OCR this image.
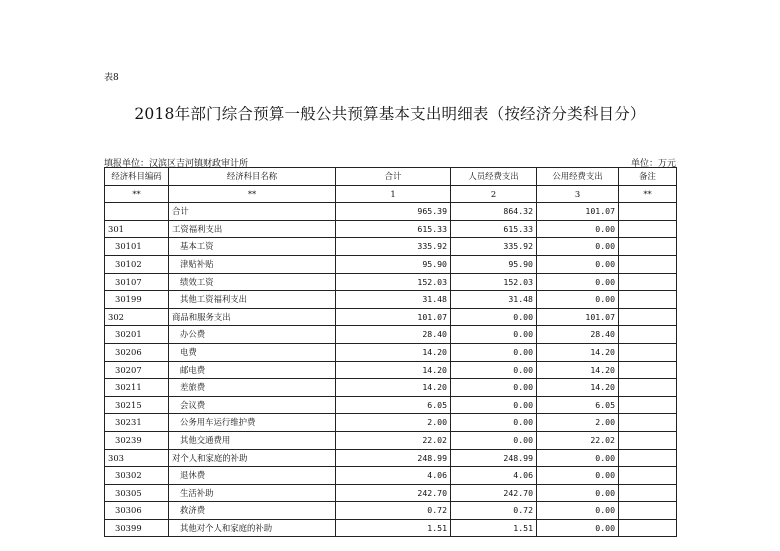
表8
2018年部门综合预算一般公共预算基本支出明细表（按经济分类科目分）
填报单位：汉滨区吉河镇财政审计所	单位：万元
经济科目编码	经济科目名称	合计	人员经费支出	公用经费支出	备注
**	**	1	2	3	**
	合计	965.39	864.32	101.07	
301	工资福利支出	615.33	615.33	0.00	
30101	基本工资	335.92	335.92	0.00	
30102	津贴补贴	95.90	95.90	0.00	
30107	绩效工资	152.03	152.03	0.00	
30199	其他工资福利支出	31.48	31.48	0.00	
302	商品和服务支出	101.07	0.00	101.07	
30201	办公费	28.40	0.00	28.40	
30206	电费	14.20	0.00	14.20	
30207	邮电费	14.20	0.00	14.20	
30211	差旅费	14.20	0.00	14.20	
30215	会议费	6.05	0.00	6.05	
30231	公务用车运行维护费	2.00	0.00	2.00	
30239	其他交通费用	22.02	0.00	22.02	
303	对个人和家庭的补助	248.99	248.99	0.00	
30302	退休费	4.06	4.06	0.00	
30305	生活补助	242.70	242.70	0.00	
30306	救济费	0.72	0.72	0.00	
30399	其他对个人和家庭的补助	1.51	1.51	0.00	
